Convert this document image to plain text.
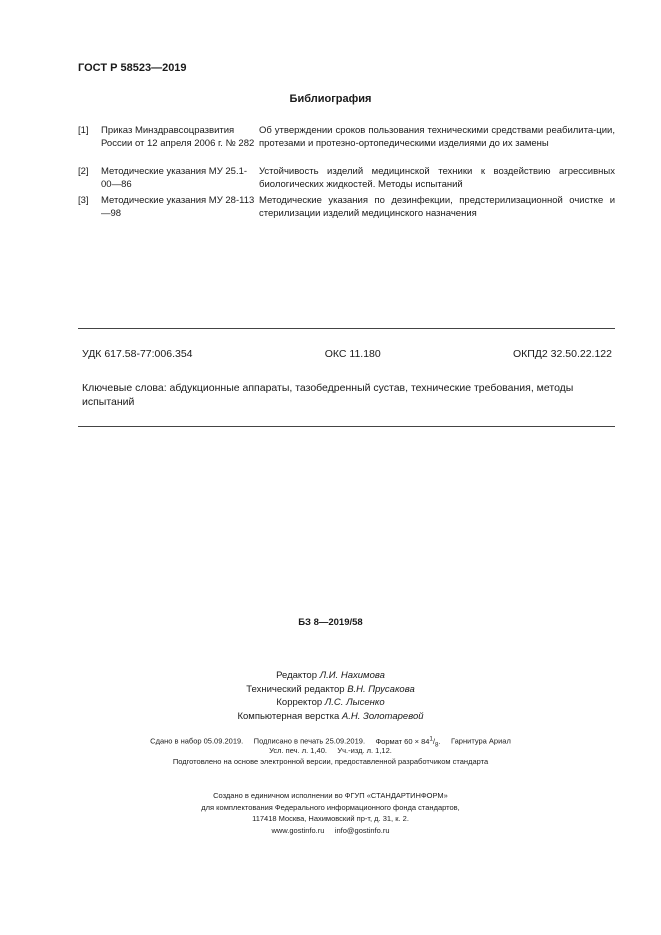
ГОСТ Р 58523—2019
Библиография
[1] Приказ Минздравсоцразвития России от 12 апреля 2006 г. № 282
Об утверждении сроков пользования техническими средствами реабилита-ции, протезами и протезно-ортопедическими изделиями до их замены
[2] Методические указания МУ 25.1-00—86
Устойчивость изделий медицинской техники к воздействию агрессивных биологических жидкостей. Методы испытаний
[3] Методические указания МУ 28-113—98
Методические указания по дезинфекции, предстерилизационной очистке и стерилизации изделий медицинского назначения
УДК 617.58-77:006.354	ОКС 11.180	ОКПД2 32.50.22.122
Ключевые слова: абдукционные аппараты, тазобедренный сустав, технические требования, методы испытаний
БЗ 8—2019/58
Редактор Л.И. Нахимова
Технический редактор В.Н. Прусакова
Корректор Л.С. Лысенко
Компьютерная верстка А.Н. Золотаревой
Сдано в набор 05.09.2019. Подписано в печать 25.09.2019. Формат $60 \times 84^1/_8$. Гарнитура Ариал
Усл. печ. л. 1,40. Уч.-изд. л. 1,12.
Подготовлено на основе электронной версии, предоставленной разработчиком стандарта
Создано в единичном исполнении во ФГУП «СТАНДАРТИНФОРМ»
для комплектования Федерального информационного фонда стандартов,
117418 Москва, Нахимовский пр-т, д. 31, к. 2.
www.gostinfo.ru info@gostinfo.ru
